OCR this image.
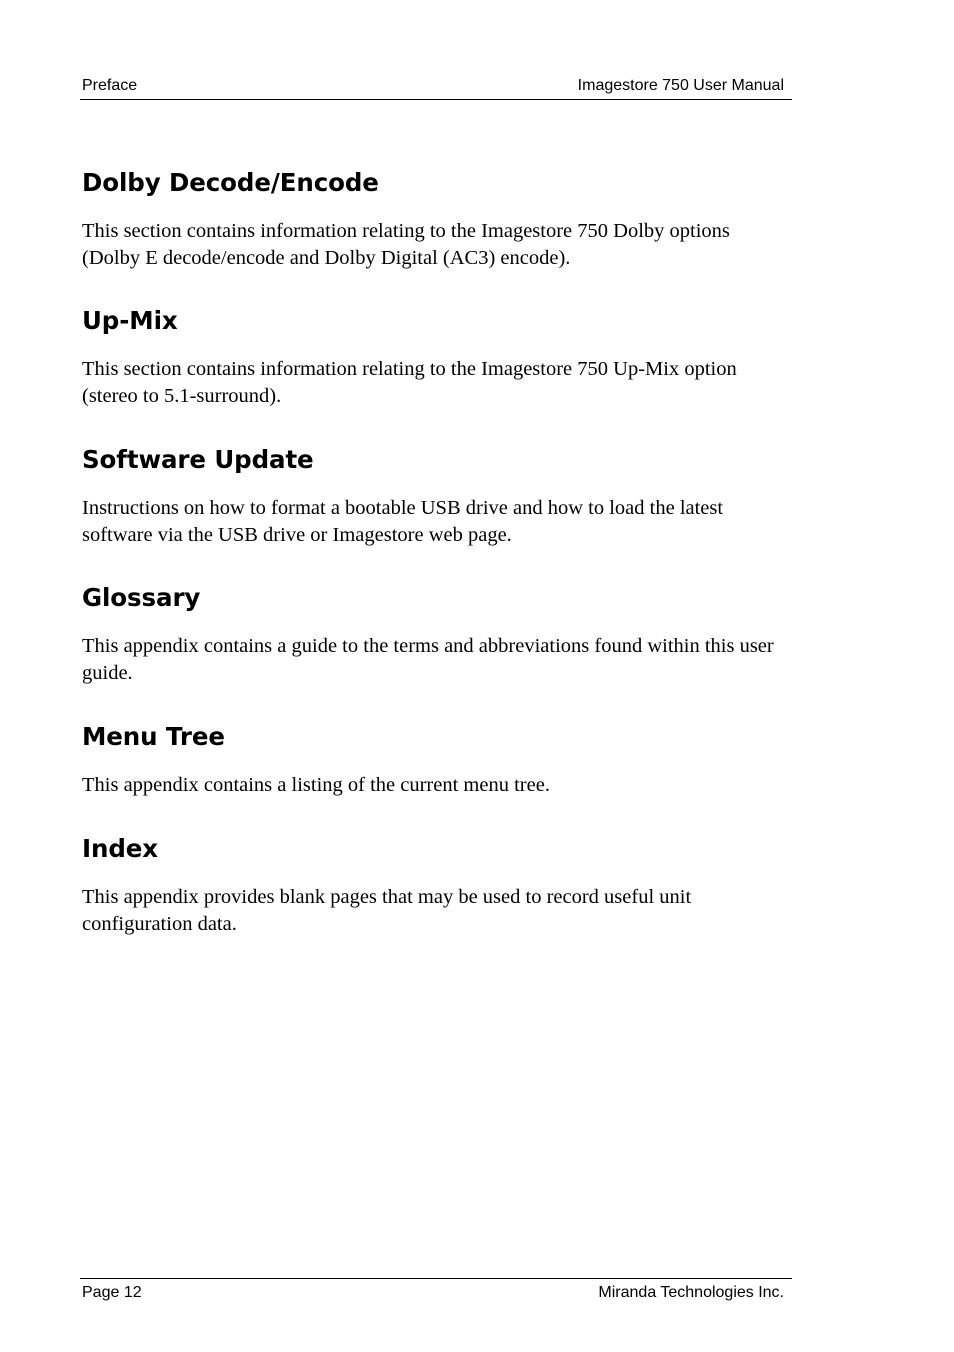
Preface	Imagestore 750 User Manual
Dolby Decode/Encode

This section contains information relating to the Imagestore 750 Dolby options (Dolby E decode/encode and Dolby Digital (AC3) encode).

Up-Mix

This section contains information relating to the Imagestore 750 Up-Mix option (stereo to 5.1-surround).

Software Update

Instructions on how to format a bootable USB drive and how to load the latest software via the USB drive or Imagestore web page.

Glossary

This appendix contains a guide to the terms and abbreviations found within this user guide.

Menu Tree

This appendix contains a listing of the current menu tree.

Index

This appendix provides blank pages that may be used to record useful unit configuration data.

Page 12	Miranda Technologies Inc.
